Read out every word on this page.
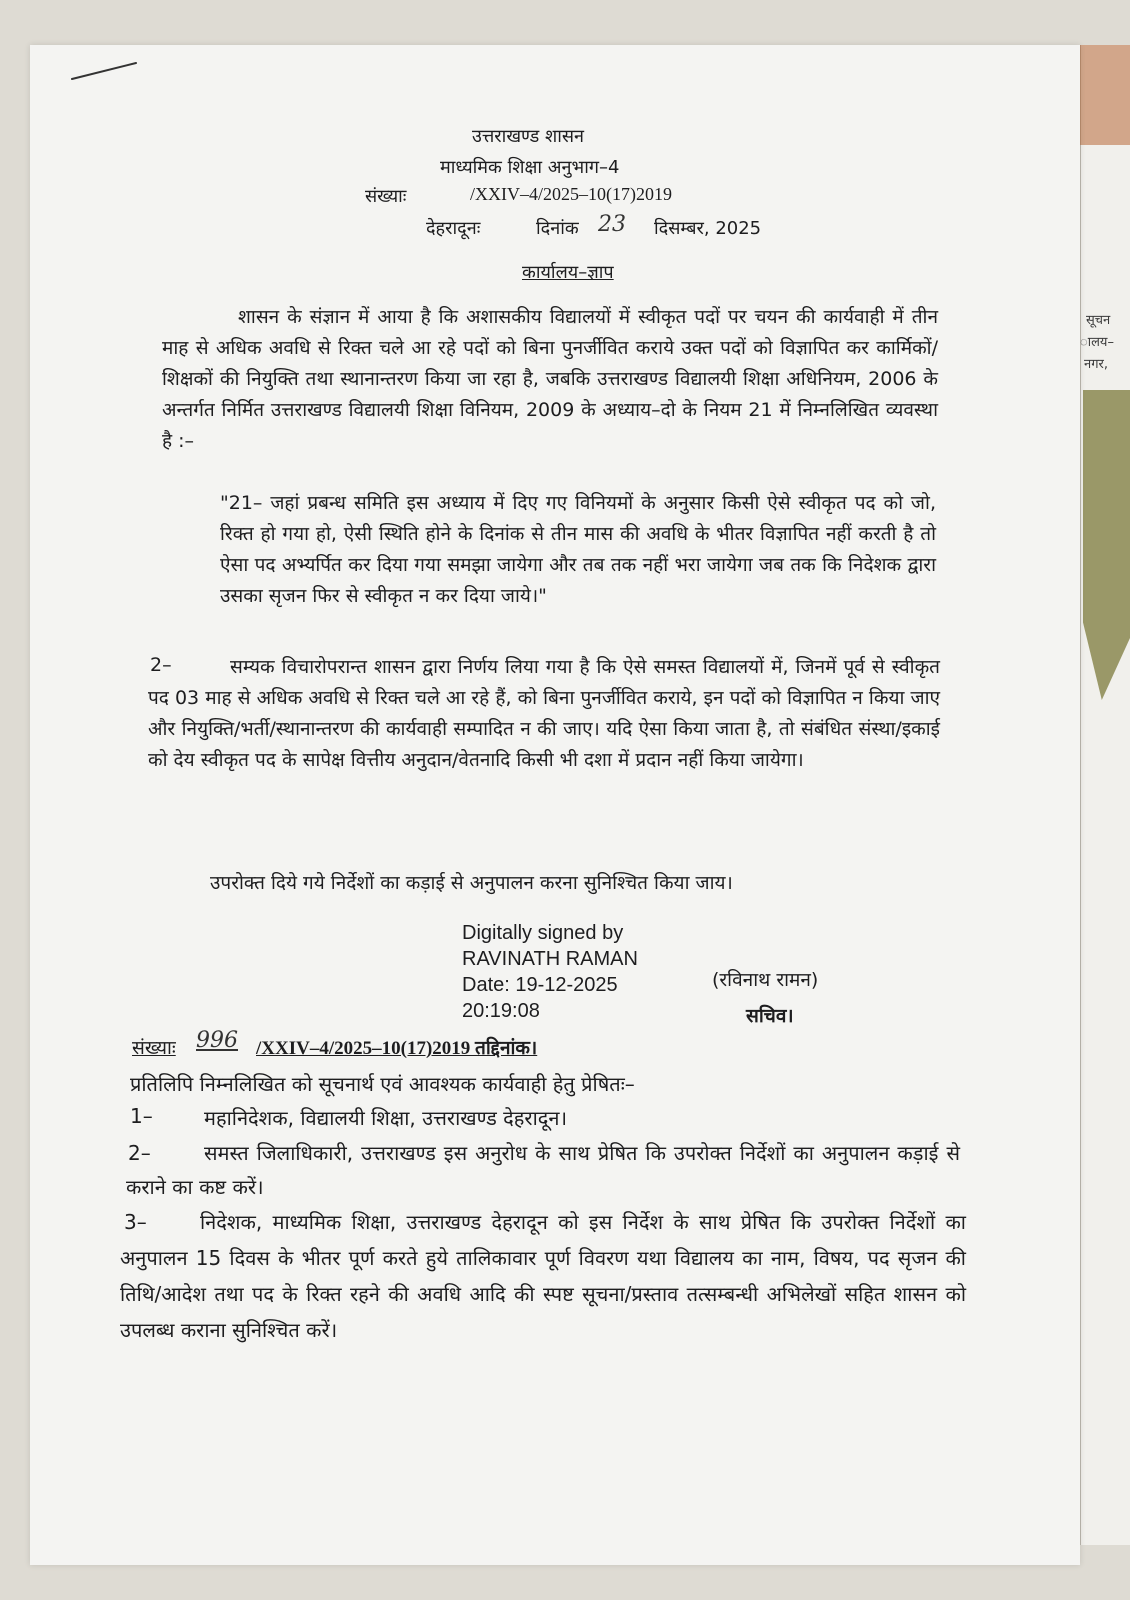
सूचन
ालय–
नगर,
उत्तराखण्ड शासन
माध्यमिक शिक्षा अनुभाग–4
संख्याः	/XXIV–4/2025–10(17)2019
देहरादूनः	दिनांक 23 दिसम्बर, 2025
कार्यालय–ज्ञाप
शासन के संज्ञान में आया है कि अशासकीय विद्यालयों में स्वीकृत पदों पर चयन की कार्यवाही में तीन माह से अधिक अवधि से रिक्त चले आ रहे पदों को बिना पुनर्जीवित कराये उक्त पदों को विज्ञापित कर कार्मिकों/शिक्षकों की नियुक्ति तथा स्थानान्तरण किया जा रहा है, जबकि उत्तराखण्ड विद्यालयी शिक्षा अधिनियम, 2006 के अन्तर्गत निर्मित उत्तराखण्ड विद्यालयी शिक्षा विनियम, 2009 के अध्याय–दो के नियम 21 में निम्नलिखित व्यवस्था है :–
"21– जहां प्रबन्ध समिति इस अध्याय में दिए गए विनियमों के अनुसार किसी ऐसे स्वीकृत पद को जो, रिक्त हो गया हो, ऐसी स्थिति होने के दिनांक से तीन मास की अवधि के भीतर विज्ञापित नहीं करती है तो ऐसा पद अभ्यर्पित कर दिया गया समझा जायेगा और तब तक नहीं भरा जायेगा जब तक कि निदेशक द्वारा उसका सृजन फिर से स्वीकृत न कर दिया जाये।"
2–	सम्यक विचारोपरान्त शासन द्वारा निर्णय लिया गया है कि ऐसे समस्त विद्यालयों में, जिनमें पूर्व से स्वीकृत पद 03 माह से अधिक अवधि से रिक्त चले आ रहे हैं, को बिना पुनर्जीवित कराये, इन पदों को विज्ञापित न किया जाए और नियुक्ति/भर्ती/स्थानान्तरण की कार्यवाही सम्पादित न की जाए। यदि ऐसा किया जाता है, तो संबंधित संस्था/इकाई को देय स्वीकृत पद के सापेक्ष वित्तीय अनुदान/वेतनादि किसी भी दशा में प्रदान नहीं किया जायेगा।
उपरोक्त दिये गये निर्देशों का कड़ाई से अनुपालन करना सुनिश्चित किया जाय।
Digitally signed by
RAVINATH RAMAN
Date: 19-12-2025
20:19:08
(रविनाथ रामन)
सचिव।
संख्याः 996 /XXIV–4/2025–10(17)2019 तद्दिनांक।
प्रतिलिपि निम्नलिखित को सूचनार्थ एवं आवश्यक कार्यवाही हेतु प्रेषितः–
1–	महानिदेशक, विद्यालयी शिक्षा, उत्तराखण्ड देहरादून।
2–	समस्त जिलाधिकारी, उत्तराखण्ड इस अनुरोध के साथ प्रेषित कि उपरोक्त निर्देशों का अनुपालन कड़ाई से कराने का कष्ट करें।
3–	निदेशक, माध्यमिक शिक्षा, उत्तराखण्ड देहरादून को इस निर्देश के साथ प्रेषित कि उपरोक्त निर्देशों का अनुपालन 15 दिवस के भीतर पूर्ण करते हुये तालिकावार पूर्ण विवरण यथा विद्यालय का नाम, विषय, पद सृजन की तिथि/आदेश तथा पद के रिक्त रहने की अवधि आदि की स्पष्ट सूचना/प्रस्ताव तत्सम्बन्धी अभिलेखों सहित शासन को उपलब्ध कराना सुनिश्चित करें।
